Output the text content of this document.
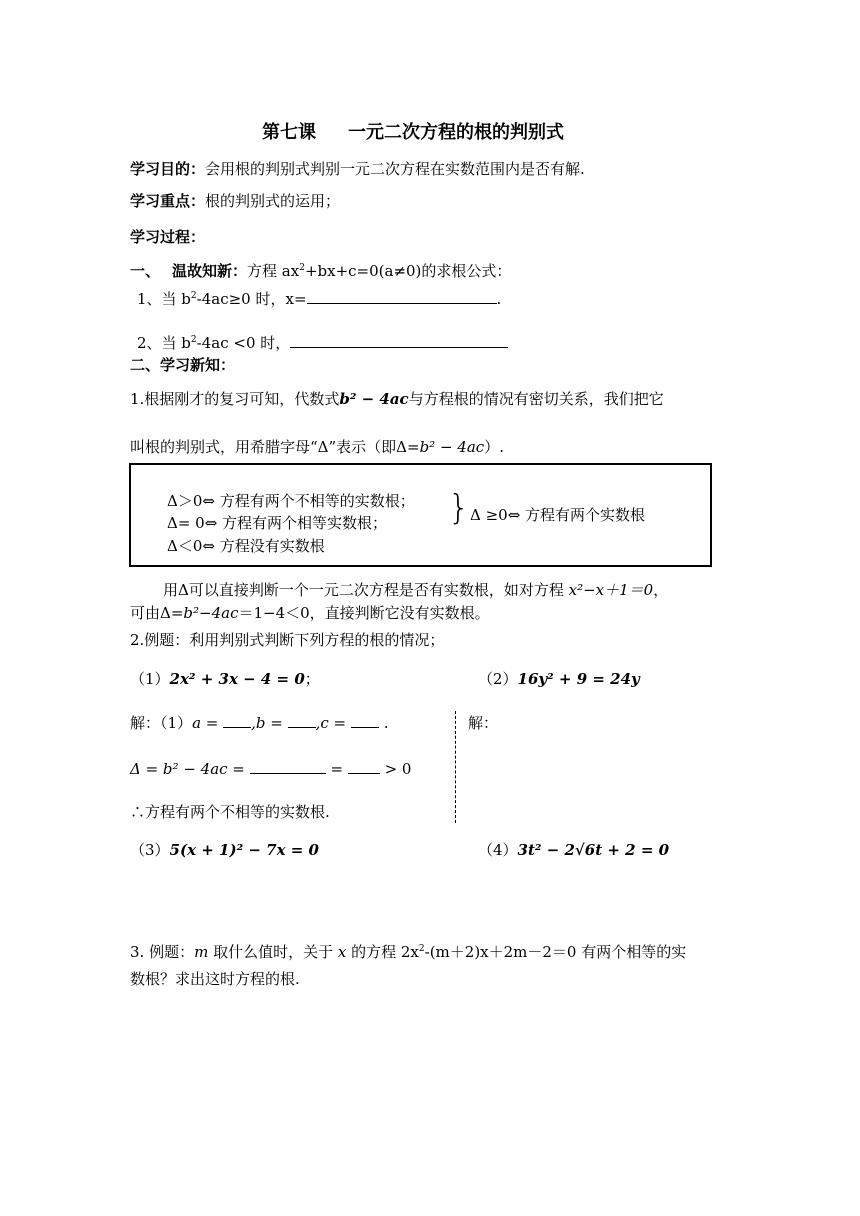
第七课 一元二次方程的根的判别式
学习目的：会用根的判别式判别一元二次方程在实数范围内是否有解.
学习重点：根的判别式的运用；
学习过程：
一、 温故知新：方程 $ax^2+bx+c=0(a\ne 0)$的求根公式：
1、当 $b^2-4ac\ge 0$ 时，x=	.
2、当 $b^2-4ac <0$ 时，
二、学习新知：
1.根据刚才的复习可知，代数式b² − 4ac与方程根的情况有密切关系，我们把它
叫根的判别式，用希腊字母“Δ”表示（即Δ=b² − 4ac）.
Δ＞0⇔ 方程有两个不相等的实数根；
Δ= 0⇔ 方程有两个相等实数根；
Δ＜0⇔ 方程没有实数根
} Δ ≥0⇔ 方程有两个实数根
用Δ可以直接判断一个一元二次方程是否有实数根，如对方程 x²−x＋1＝0，
可由Δ=b²−4ac＝1−4＜0，直接判断它没有实数根。
2.例题：利用判别式判断下列方程的根的情况；
（1）2x² + 3x − 4 = 0；	（2）16y² + 9 = 24y
解：（1）a = ,b = ,c =	.
Δ = b² − 4ac =	=	> 0
∴方程有两个不相等的实数根.
解：
（3）5(x + 1)² − 7x = 0	（4）3t² − 2√6t + 2 = 0
3. 例题：m 取什么值时，关于 x 的方程 $2x^2-(m+2)x+2m-2=0$ 有两个相等的实
数根？求出这时方程的根.
